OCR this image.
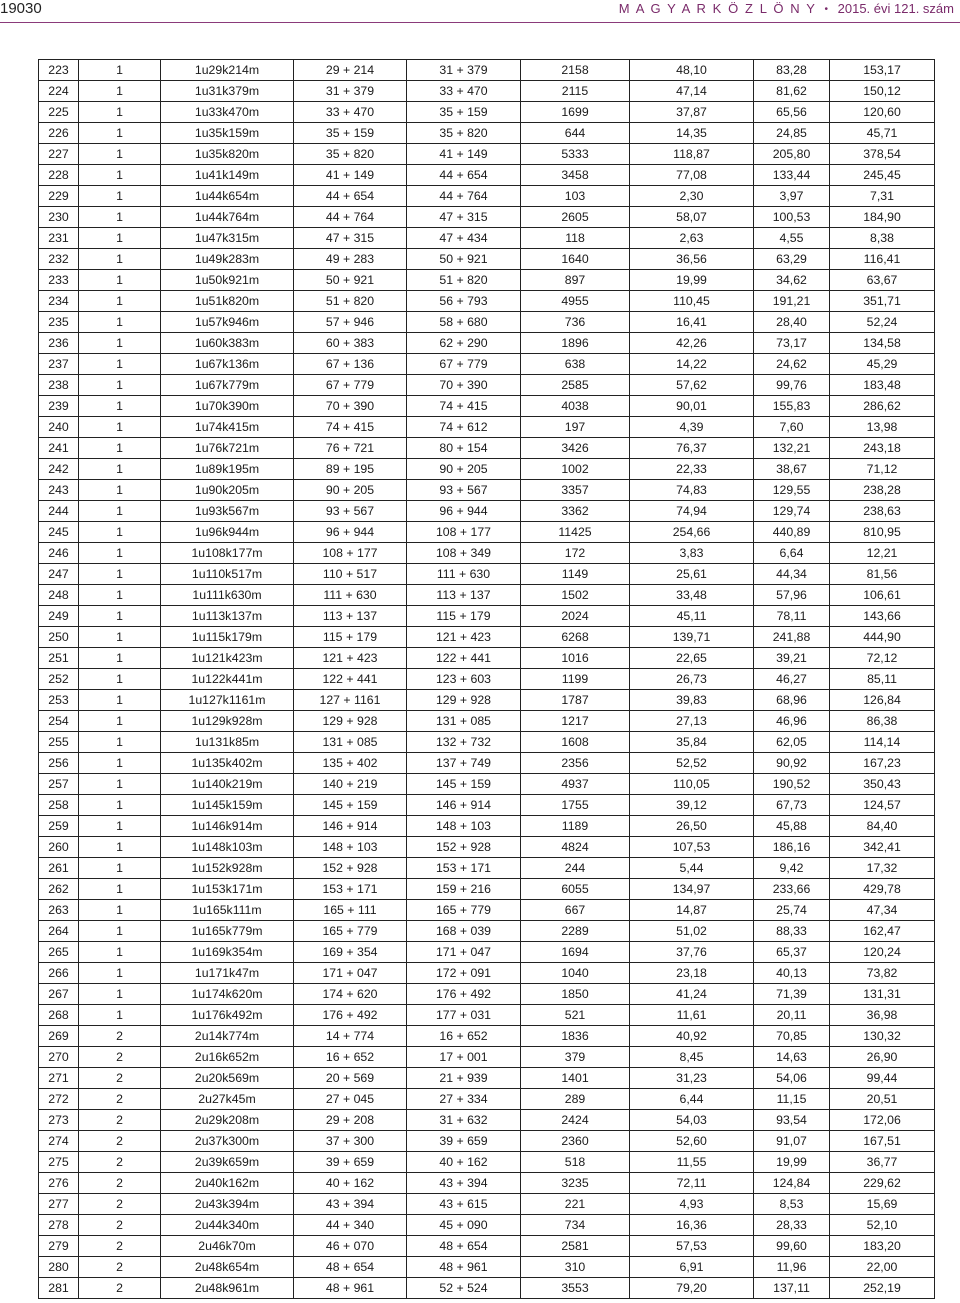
19030	M A G Y A R K Ö Z L Ö N Y • 2015. évi 121. szám
223	1	1u29k214m	29 + 214	31 + 379	2158	48,10	83,28	153,17
224	1	1u31k379m	31 + 379	33 + 470	2115	47,14	81,62	150,12
225	1	1u33k470m	33 + 470	35 + 159	1699	37,87	65,56	120,60
226	1	1u35k159m	35 + 159	35 + 820	644	14,35	24,85	45,71
227	1	1u35k820m	35 + 820	41 + 149	5333	118,87	205,80	378,54
228	1	1u41k149m	41 + 149	44 + 654	3458	77,08	133,44	245,45
229	1	1u44k654m	44 + 654	44 + 764	103	2,30	3,97	7,31
230	1	1u44k764m	44 + 764	47 + 315	2605	58,07	100,53	184,90
231	1	1u47k315m	47 + 315	47 + 434	118	2,63	4,55	8,38
232	1	1u49k283m	49 + 283	50 + 921	1640	36,56	63,29	116,41
233	1	1u50k921m	50 + 921	51 + 820	897	19,99	34,62	63,67
234	1	1u51k820m	51 + 820	56 + 793	4955	110,45	191,21	351,71
235	1	1u57k946m	57 + 946	58 + 680	736	16,41	28,40	52,24
236	1	1u60k383m	60 + 383	62 + 290	1896	42,26	73,17	134,58
237	1	1u67k136m	67 + 136	67 + 779	638	14,22	24,62	45,29
238	1	1u67k779m	67 + 779	70 + 390	2585	57,62	99,76	183,48
239	1	1u70k390m	70 + 390	74 + 415	4038	90,01	155,83	286,62
240	1	1u74k415m	74 + 415	74 + 612	197	4,39	7,60	13,98
241	1	1u76k721m	76 + 721	80 + 154	3426	76,37	132,21	243,18
242	1	1u89k195m	89 + 195	90 + 205	1002	22,33	38,67	71,12
243	1	1u90k205m	90 + 205	93 + 567	3357	74,83	129,55	238,28
244	1	1u93k567m	93 + 567	96 + 944	3362	74,94	129,74	238,63
245	1	1u96k944m	96 + 944	108 + 177	11425	254,66	440,89	810,95
246	1	1u108k177m	108 + 177	108 + 349	172	3,83	6,64	12,21
247	1	1u110k517m	110 + 517	111 + 630	1149	25,61	44,34	81,56
248	1	1u111k630m	111 + 630	113 + 137	1502	33,48	57,96	106,61
249	1	1u113k137m	113 + 137	115 + 179	2024	45,11	78,11	143,66
250	1	1u115k179m	115 + 179	121 + 423	6268	139,71	241,88	444,90
251	1	1u121k423m	121 + 423	122 + 441	1016	22,65	39,21	72,12
252	1	1u122k441m	122 + 441	123 + 603	1199	26,73	46,27	85,11
253	1	1u127k1161m	127 + 1161	129 + 928	1787	39,83	68,96	126,84
254	1	1u129k928m	129 + 928	131 + 085	1217	27,13	46,96	86,38
255	1	1u131k85m	131 + 085	132 + 732	1608	35,84	62,05	114,14
256	1	1u135k402m	135 + 402	137 + 749	2356	52,52	90,92	167,23
257	1	1u140k219m	140 + 219	145 + 159	4937	110,05	190,52	350,43
258	1	1u145k159m	145 + 159	146 + 914	1755	39,12	67,73	124,57
259	1	1u146k914m	146 + 914	148 + 103	1189	26,50	45,88	84,40
260	1	1u148k103m	148 + 103	152 + 928	4824	107,53	186,16	342,41
261	1	1u152k928m	152 + 928	153 + 171	244	5,44	9,42	17,32
262	1	1u153k171m	153 + 171	159 + 216	6055	134,97	233,66	429,78
263	1	1u165k111m	165 + 111	165 + 779	667	14,87	25,74	47,34
264	1	1u165k779m	165 + 779	168 + 039	2289	51,02	88,33	162,47
265	1	1u169k354m	169 + 354	171 + 047	1694	37,76	65,37	120,24
266	1	1u171k47m	171 + 047	172 + 091	1040	23,18	40,13	73,82
267	1	1u174k620m	174 + 620	176 + 492	1850	41,24	71,39	131,31
268	1	1u176k492m	176 + 492	177 + 031	521	11,61	20,11	36,98
269	2	2u14k774m	14 + 774	16 + 652	1836	40,92	70,85	130,32
270	2	2u16k652m	16 + 652	17 + 001	379	8,45	14,63	26,90
271	2	2u20k569m	20 + 569	21 + 939	1401	31,23	54,06	99,44
272	2	2u27k45m	27 + 045	27 + 334	289	6,44	11,15	20,51
273	2	2u29k208m	29 + 208	31 + 632	2424	54,03	93,54	172,06
274	2	2u37k300m	37 + 300	39 + 659	2360	52,60	91,07	167,51
275	2	2u39k659m	39 + 659	40 + 162	518	11,55	19,99	36,77
276	2	2u40k162m	40 + 162	43 + 394	3235	72,11	124,84	229,62
277	2	2u43k394m	43 + 394	43 + 615	221	4,93	8,53	15,69
278	2	2u44k340m	44 + 340	45 + 090	734	16,36	28,33	52,10
279	2	2u46k70m	46 + 070	48 + 654	2581	57,53	99,60	183,20
280	2	2u48k654m	48 + 654	48 + 961	310	6,91	11,96	22,00
281	2	2u48k961m	48 + 961	52 + 524	3553	79,20	137,11	252,19
